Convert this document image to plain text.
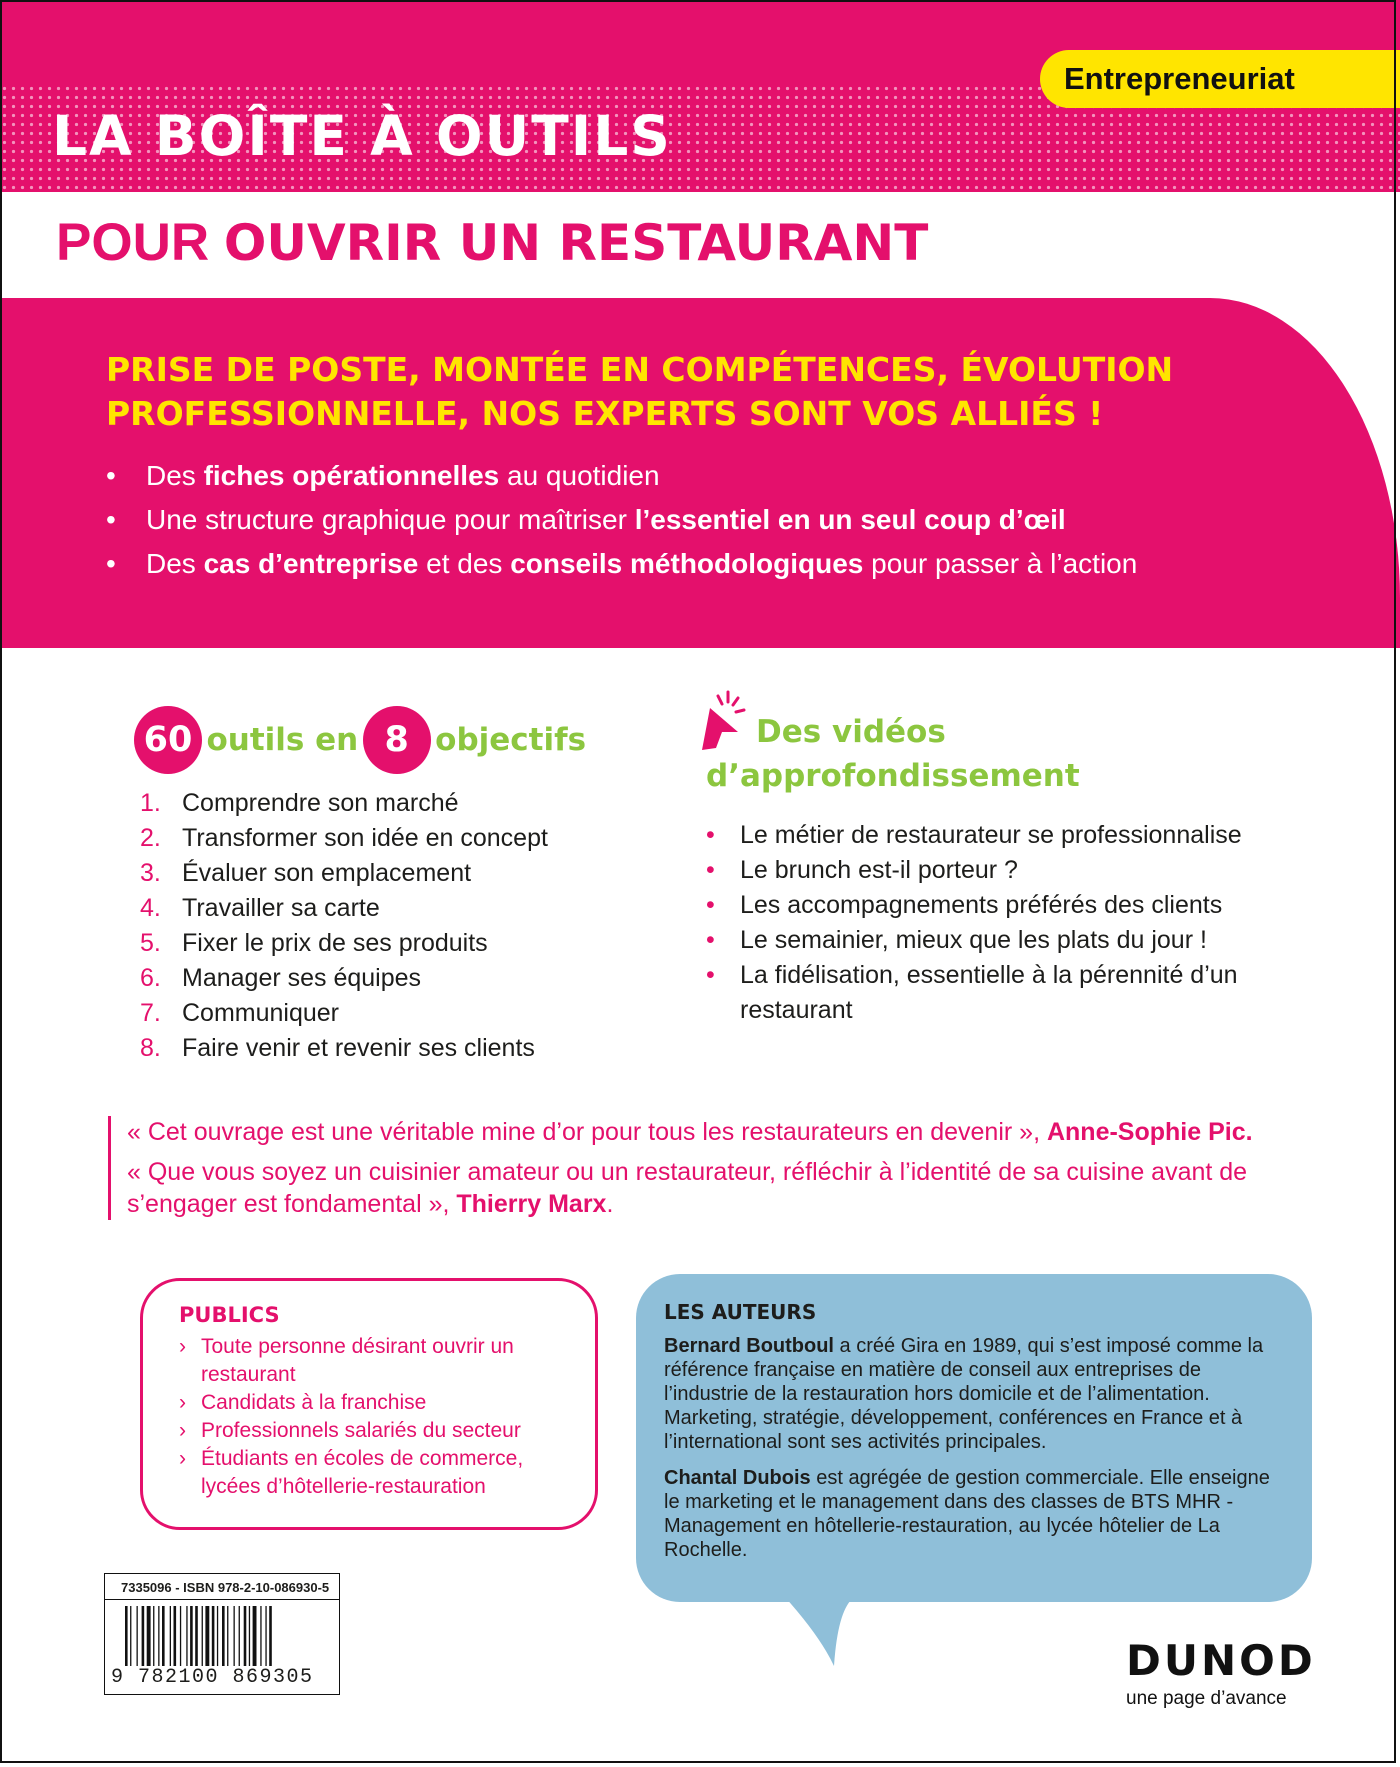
LA BOÎTE À OUTILS
Entrepreneuriat
POUR OUVRIR UN RESTAURANT

PRISE DE POSTE, MONTÉE EN COMPÉTENCES, ÉVOLUTION PROFESSIONNELLE, NOS EXPERTS SONT VOS ALLIÉS !

• Des fiches opérationnelles au quotidien
• Une structure graphique pour maîtriser l’essentiel en un seul coup d’œil
• Des cas d’entreprise et des conseils méthodologiques pour passer à l’action
60 outils en 8 objectifs
1. Comprendre son marché
2. Transformer son idée en concept
3. Évaluer son emplacement
4. Travailler sa carte
5. Fixer le prix de ses produits
6. Manager ses équipes
7. Communiquer
8. Faire venir et revenir ses clients
Des vidéos
d’approfondissement
• Le métier de restaurateur se professionnalise
• Le brunch est-il porteur ?
• Les accompagnements préférés des clients
• Le semainier, mieux que les plats du jour !
• La fidélisation, essentielle à la pérennité d’un restaurant

« Cet ouvrage est une véritable mine d’or pour tous les restaurateurs en devenir », Anne-Sophie Pic.

« Que vous soyez un cuisinier amateur ou un restaurateur, réfléchir à l’identité de sa cuisine avant de s’engager est fondamental », Thierry Marx.

PUBLICS
› Toute personne désirant ouvrir un restaurant
› Candidats à la franchise
› Professionnels salariés du secteur
› Étudiants en écoles de commerce, lycées d’hôtellerie-restauration
LES AUTEURS

Bernard Boutboul a créé Gira en 1989, qui s’est imposé comme la référence française en matière de conseil aux entreprises de l’industrie de la restauration hors domicile et de l’alimentation. Marketing, stratégie, développement, conférences en France et à l’international sont ses activités principales.

Chantal Dubois est agrégée de gestion commerciale. Elle enseigne le marketing et le management dans des classes de BTS MHR - Management en hôtellerie-restauration, au lycée hôtelier de La Rochelle.

7335096 - ISBN 978-2-10-086930-5
9 782100 869305	DUNOD

une page d’avance
